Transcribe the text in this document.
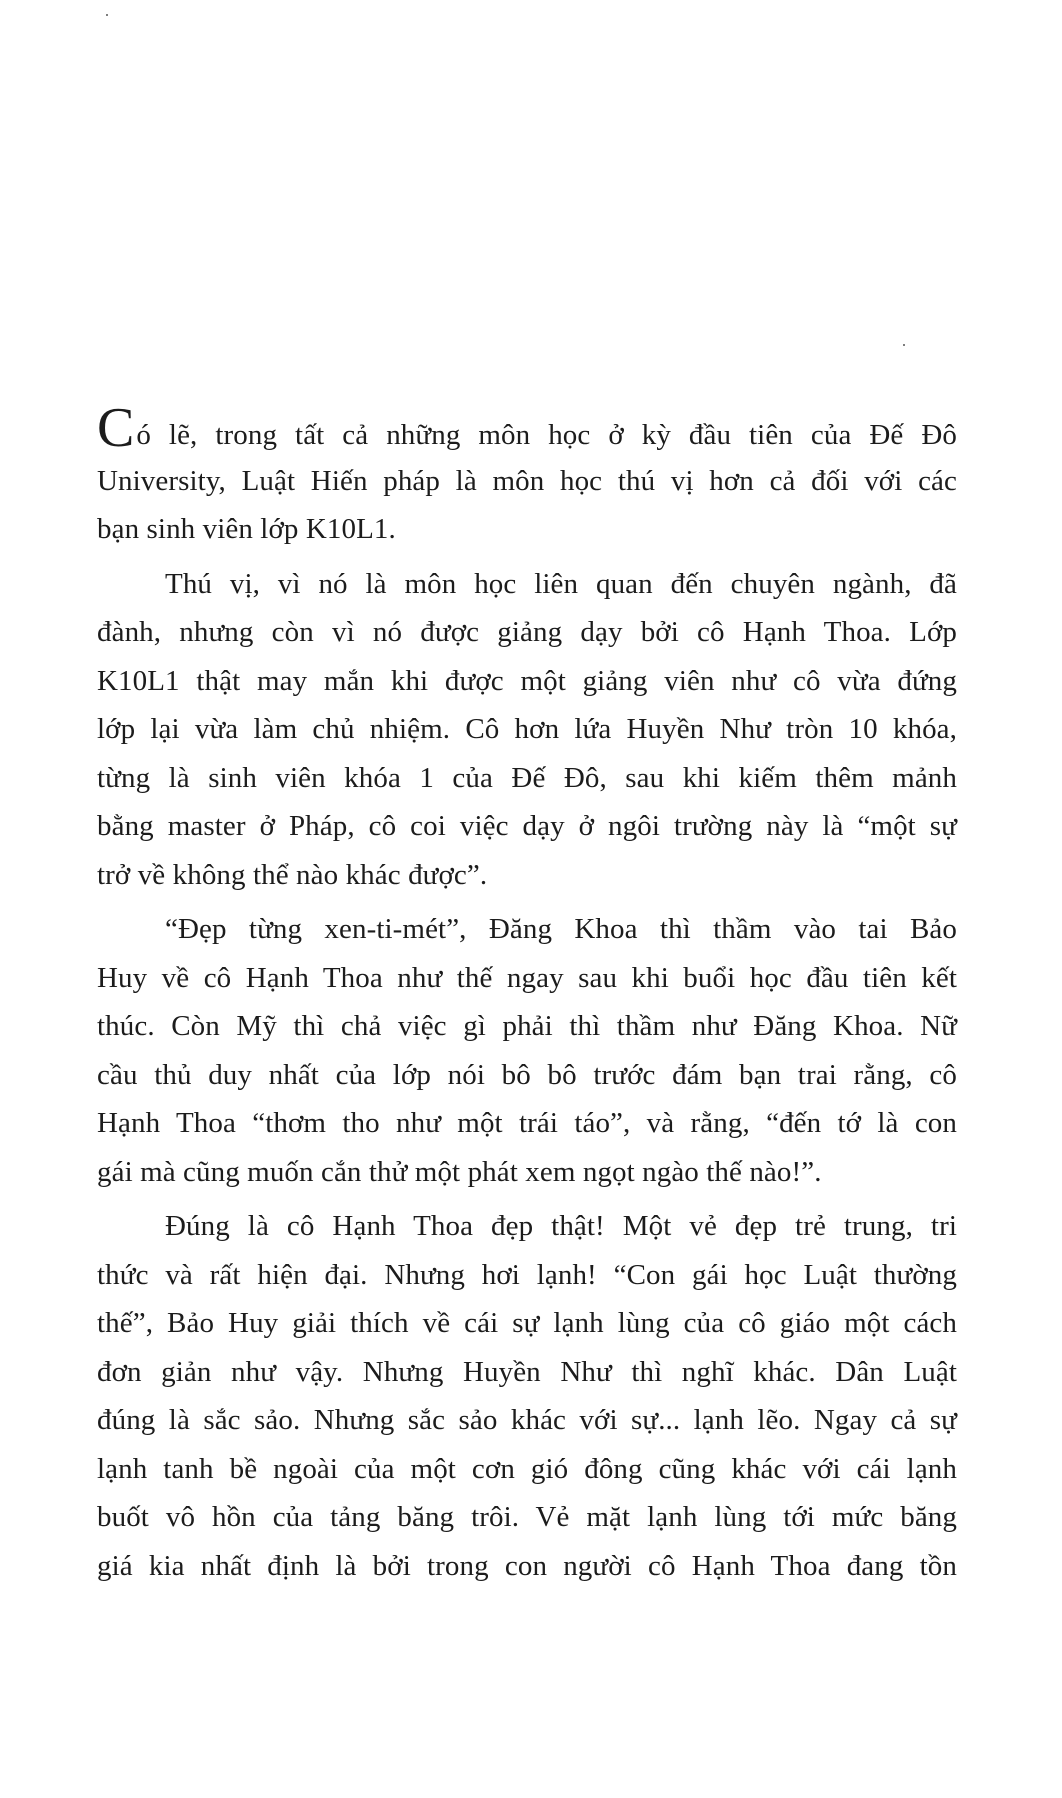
Có lẽ, trong tất cả những môn học ở kỳ đầu tiên của Đế Đô
University, Luật Hiến pháp là môn học thú vị hơn cả đối với các
bạn sinh viên lớp K10L1.
Thú vị, vì nó là môn học liên quan đến chuyên ngành, đã
đành, nhưng còn vì nó được giảng dạy bởi cô Hạnh Thoa. Lớp
K10L1 thật may mắn khi được một giảng viên như cô vừa đứng
lớp lại vừa làm chủ nhiệm. Cô hơn lứa Huyền Như tròn 10 khóa,
từng là sinh viên khóa 1 của Đế Đô, sau khi kiếm thêm mảnh
bằng master ở Pháp, cô coi việc dạy ở ngôi trường này là “một sự
trở về không thể nào khác được”.
“Đẹp từng xen-ti-mét”, Đăng Khoa thì thầm vào tai Bảo
Huy về cô Hạnh Thoa như thế ngay sau khi buổi học đầu tiên kết
thúc. Còn Mỹ thì chả việc gì phải thì thầm như Đăng Khoa. Nữ
cầu thủ duy nhất của lớp nói bô bô trước đám bạn trai rằng, cô
Hạnh Thoa “thơm tho như một trái táo”, và rằng, “đến tớ là con
gái mà cũng muốn cắn thử một phát xem ngọt ngào thế nào!”.
Đúng là cô Hạnh Thoa đẹp thật! Một vẻ đẹp trẻ trung, tri
thức và rất hiện đại. Nhưng hơi lạnh! “Con gái học Luật thường
thế”, Bảo Huy giải thích về cái sự lạnh lùng của cô giáo một cách
đơn giản như vậy. Nhưng Huyền Như thì nghĩ khác. Dân Luật
đúng là sắc sảo. Nhưng sắc sảo khác với sự... lạnh lẽo. Ngay cả sự
lạnh tanh bề ngoài của một cơn gió đông cũng khác với cái lạnh
buốt vô hồn của tảng băng trôi. Vẻ mặt lạnh lùng tới mức băng
giá kia nhất định là bởi trong con người cô Hạnh Thoa đang tồn
